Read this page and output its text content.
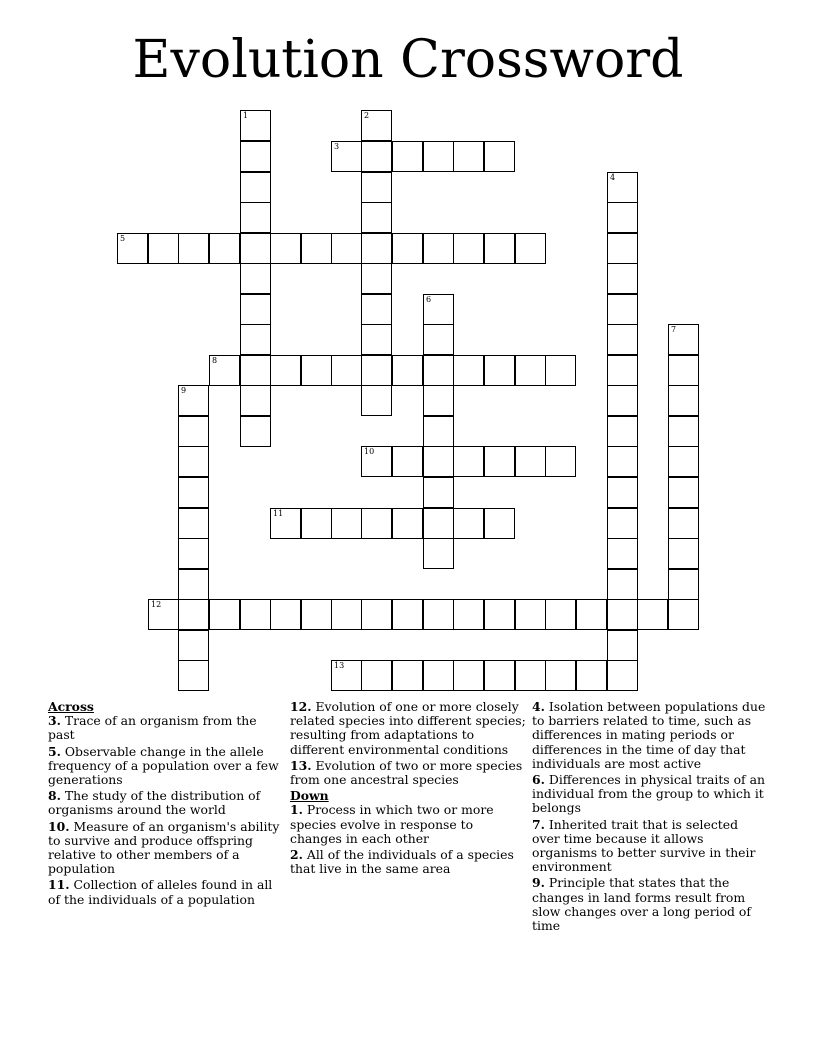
Evolution Crossword
1	2
3
4
5
6
7
8
9
10
11
12
13

Across

3. Trace of an organism from the past

5. Observable change in the allele frequency of a population over a few generations

8. The study of the distribution of organisms around the world

10. Measure of an organism's ability to survive and produce offspring relative to other members of a population

11. Collection of alleles found in all of the individuals of a population

12. Evolution of one or more closely related species into different species; resulting from adaptations to different environmental conditions

13. Evolution of two or more species from one ancestral species

Down

1. Process in which two or more species evolve in response to changes in each other

2. All of the individuals of a species that live in the same area

4. Isolation between populations due to barriers related to time, such as differences in mating periods or differences in the time of day that individuals are most active

6. Differences in physical traits of an individual from the group to which it belongs

7. Inherited trait that is selected over time because it allows organisms to better survive in their environment

9. Principle that states that the changes in land forms result from slow changes over a long period of time
